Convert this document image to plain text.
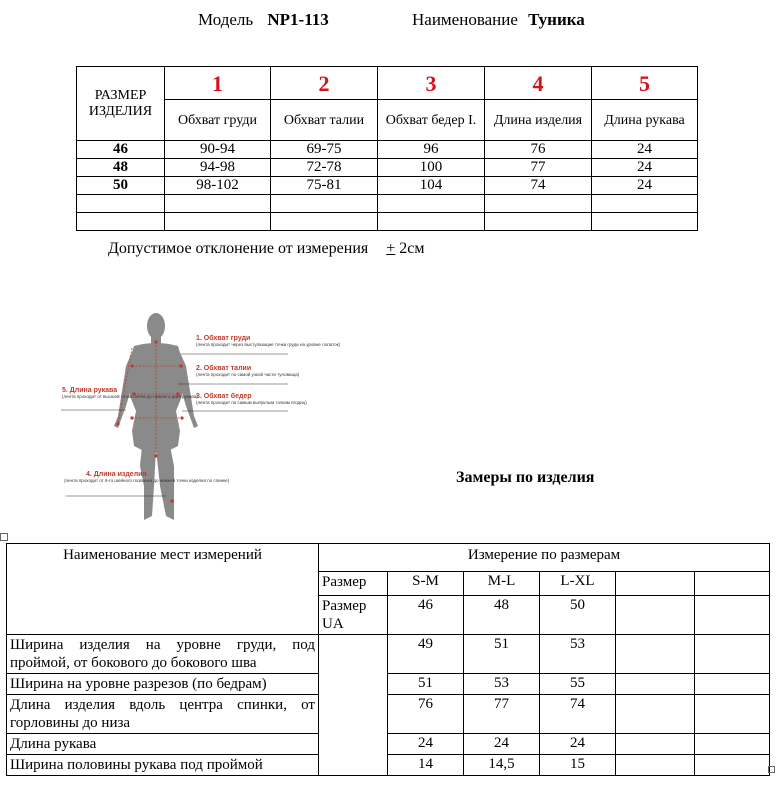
Модель NP1-113	Наименование Туника
РАЗМЕР ИЗДЕЛИЯ	1	2	3	4	5
	Обхват груди	Обхват талии	Обхват бедер I.	Длина изделия	Длина рукава
46	90-94	69-75	96	76	24
48	94-98	72-78	100	77	24
50	98-102	75-81	104	74	24

Допустимое отклонение от измерения + 2см
1. Обхват груди
(лента проходит через выступающие точки груди на уровне лопаток)
2. Обхват талии
(лента проходит по самой узкой части туловища)
3. Обхват бедер
(лента проходит по самым выпуклым точкам ягодиц)
5. Длина рукава
(лента проходит от высшей точки плеча до нижнего края рукава)
4. Длина изделия
(лента проходит от 6-го шейного позвонка до нижней точки изделия по спинке)	Замеры по изделия
Наименование мест измерений	Измерение по размерам					
	Размер	S-M	M-L	L-XL		
	Размер UA	46	48	50		
Ширина изделия на уровне груди, под проймой, от бокового до бокового шва		49	51	53		
Ширина на уровне разрезов (по бедрам)		51	53	55		
Длина изделия вдоль центра спинки, от горловины до низа		76	77	74		
Длина рукава		24	24	24		
Ширина половины рукава под проймой		14	14,5	15		
